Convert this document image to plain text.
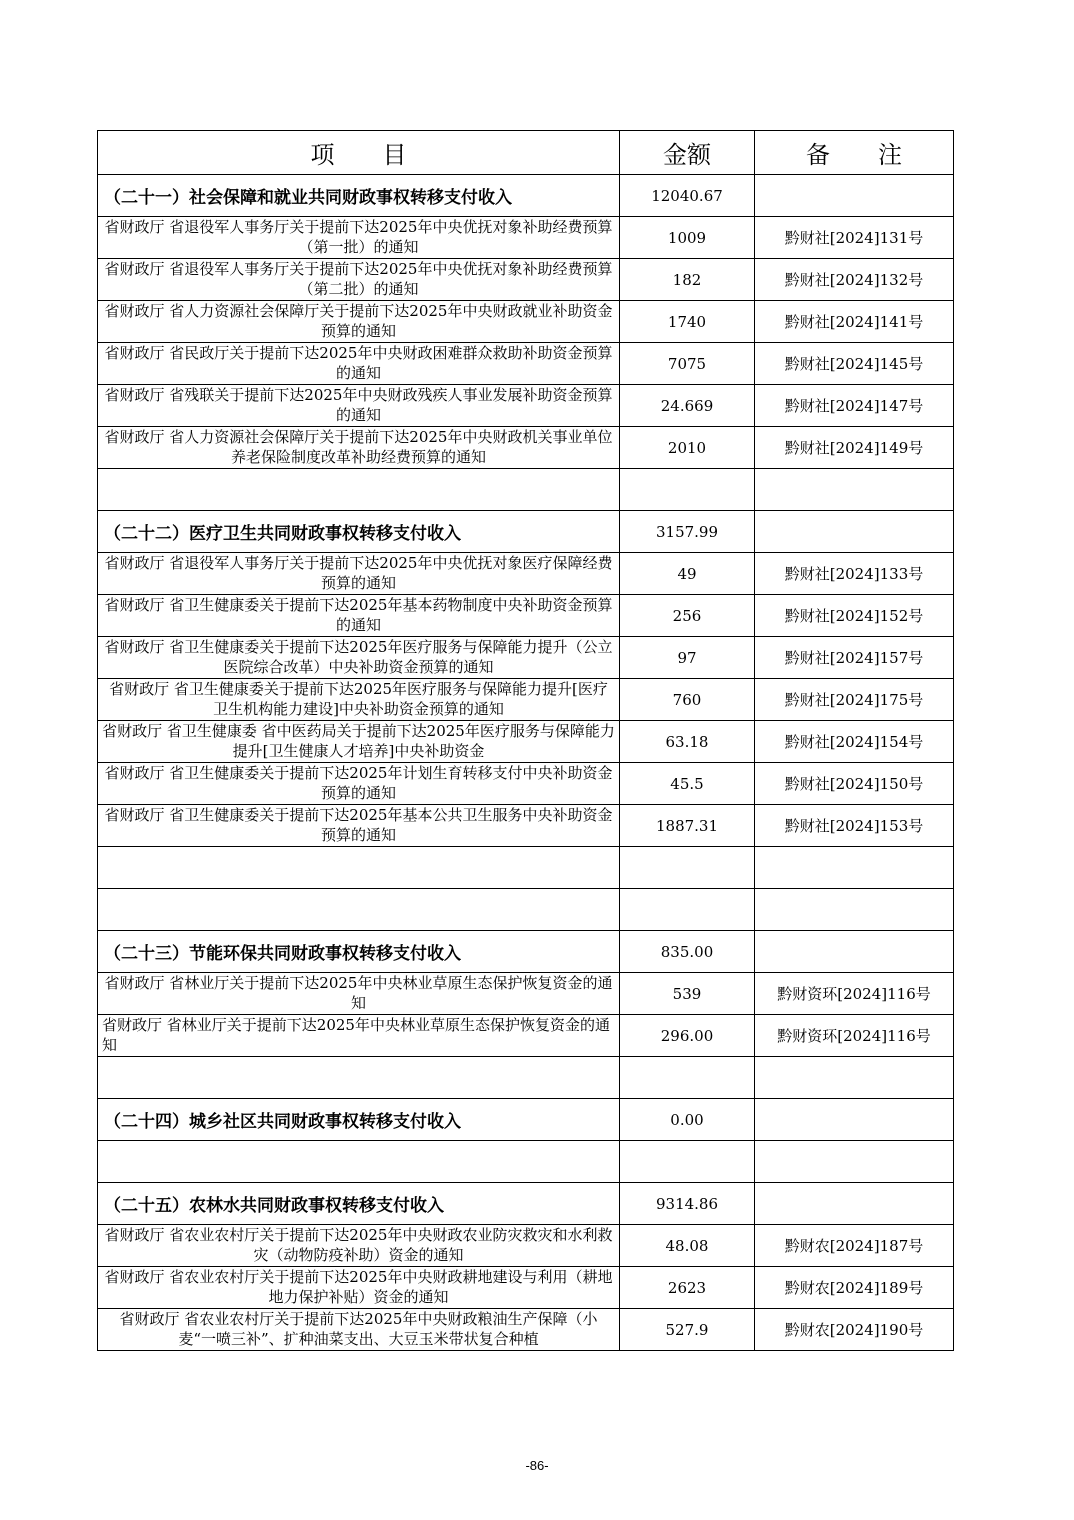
项　　目	金额	备　　注
（二十一）社会保障和就业共同财政事权转移支付收入	12040.67	

省财政厅 省退役军人事务厅关于提前下达2025年中央优抚对象补助经费预算（第一批）的通知	1009	黔财社[2024]131号

省财政厅 省退役军人事务厅关于提前下达2025年中央优抚对象补助经费预算（第二批）的通知	182	黔财社[2024]132号

省财政厅 省人力资源社会保障厅关于提前下达2025年中央财政就业补助资金预算的通知	1740	黔财社[2024]141号

省财政厅 省民政厅关于提前下达2025年中央财政困难群众救助补助资金预算的通知	7075	黔财社[2024]145号

省财政厅 省残联关于提前下达2025年中央财政残疾人事业发展补助资金预算的通知	24.669	黔财社[2024]147号

省财政厅 省人力资源社会保障厅关于提前下达2025年中央财政机关事业单位养老保险制度改革补助经费预算的通知	2010	黔财社[2024]149号

（二十二）医疗卫生共同财政事权转移支付收入	3157.99	

省财政厅 省退役军人事务厅关于提前下达2025年中央优抚对象医疗保障经费预算的通知	49	黔财社[2024]133号

省财政厅 省卫生健康委关于提前下达2025年基本药物制度中央补助资金预算的通知	256	黔财社[2024]152号

省财政厅 省卫生健康委关于提前下达2025年医疗服务与保障能力提升（公立医院综合改革）中央补助资金预算的通知	97	黔财社[2024]157号

省财政厅 省卫生健康委关于提前下达2025年医疗服务与保障能力提升[医疗卫生机构能力建设]中央补助资金预算的通知	760	黔财社[2024]175号

省财政厅 省卫生健康委 省中医药局关于提前下达2025年医疗服务与保障能力提升[卫生健康人才培养]中央补助资金	63.18	黔财社[2024]154号

省财政厅 省卫生健康委关于提前下达2025年计划生育转移支付中央补助资金预算的通知	45.5	黔财社[2024]150号

省财政厅 省卫生健康委关于提前下达2025年基本公共卫生服务中央补助资金预算的通知	1887.31	黔财社[2024]153号

（二十三）节能环保共同财政事权转移支付收入	835.00	

省财政厅 省林业厅关于提前下达2025年中央林业草原生态保护恢复资金的通知	539	黔财资环[2024]116号

省财政厅 省林业厅关于提前下达2025年中央林业草原生态保护恢复资金的通知	296.00	黔财资环[2024]116号

（二十四）城乡社区共同财政事权转移支付收入	0.00	

（二十五）农林水共同财政事权转移支付收入	9314.86	

省财政厅 省农业农村厅关于提前下达2025年中央财政农业防灾救灾和水利救灾（动物防疫补助）资金的通知	48.08	黔财农[2024]187号

省财政厅 省农业农村厅关于提前下达2025年中央财政耕地建设与利用（耕地地力保护补贴）资金的通知	2623	黔财农[2024]189号

省财政厅 省农业农村厅关于提前下达2025年中央财政粮油生产保障（小麦“一喷三补”、扩种油菜支出、大豆玉米带状复合种植	527.9	黔财农[2024]190号
-86-
